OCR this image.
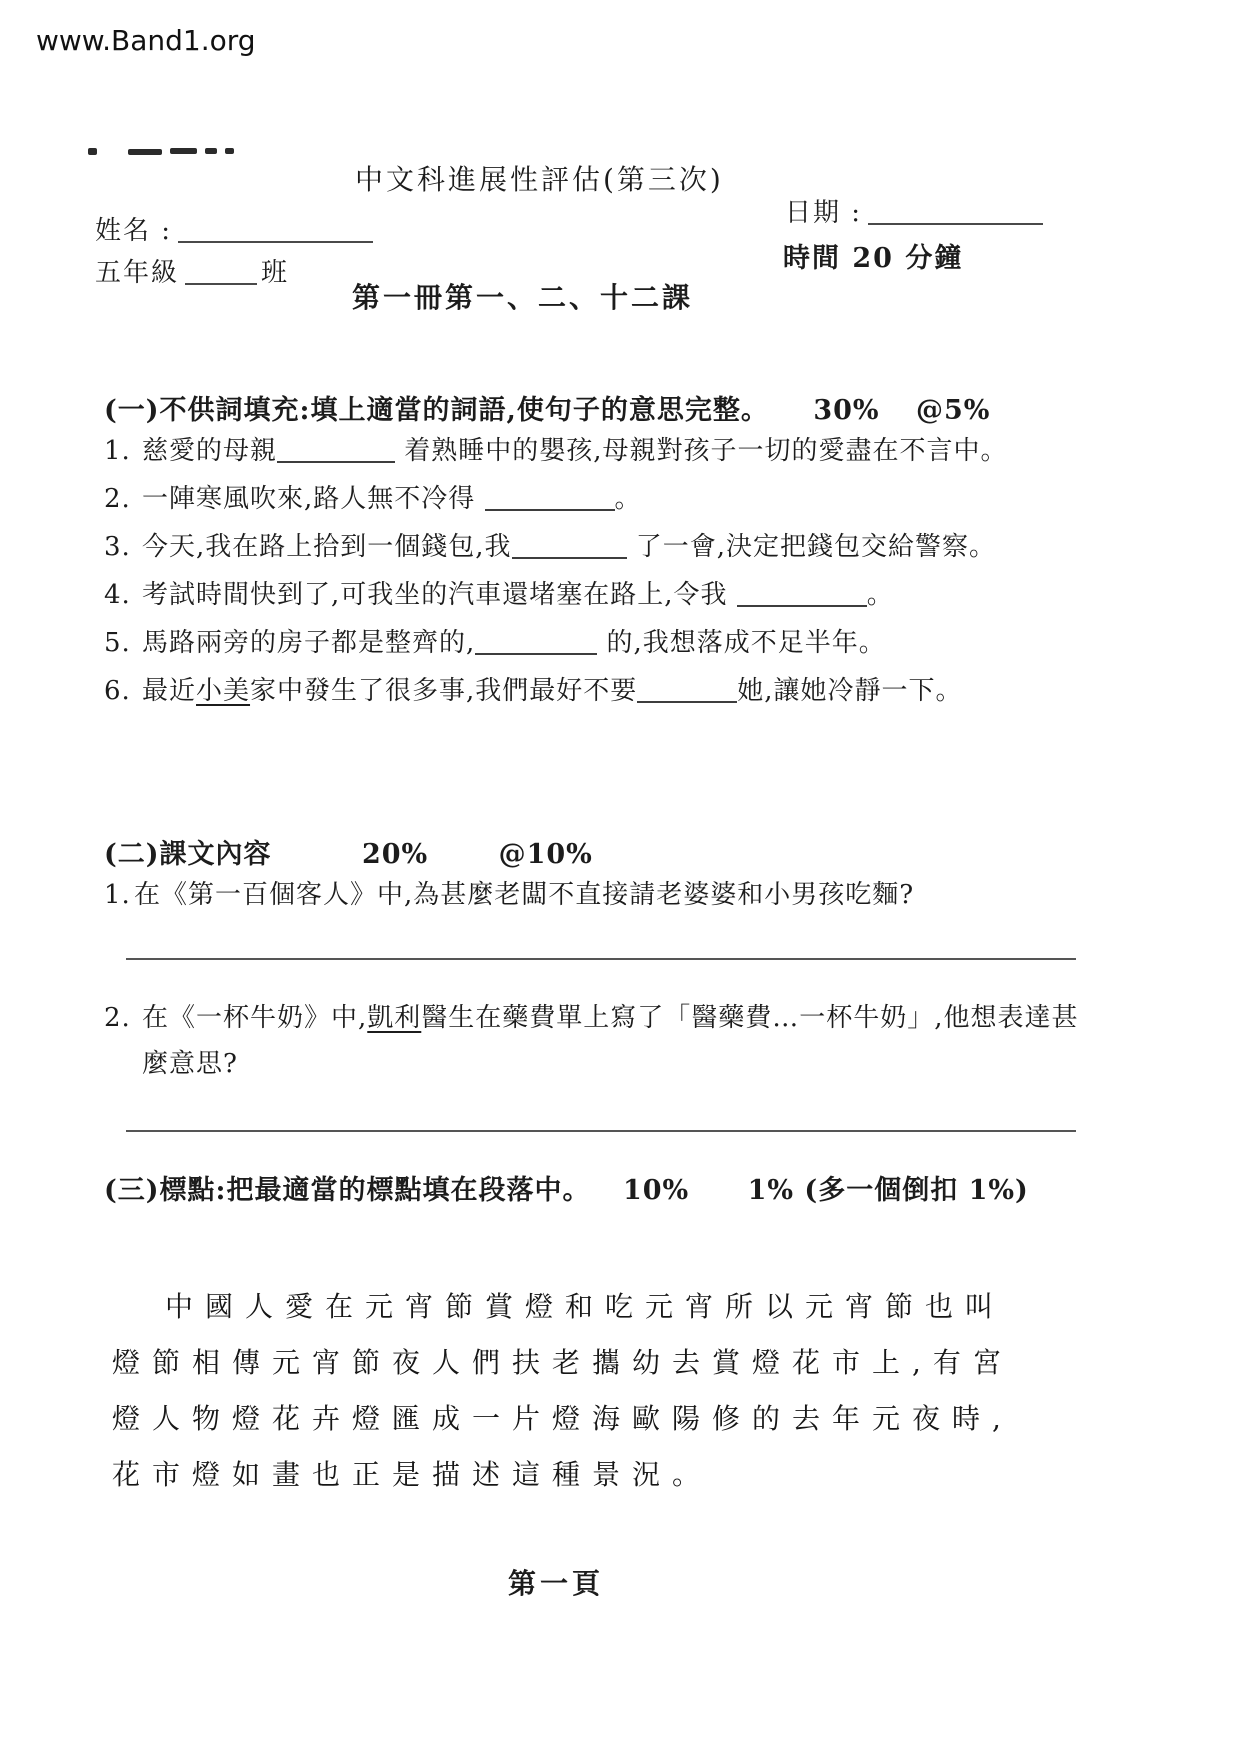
www.Band1.org
中文科進展性評估(第三次)
日期 :
姓名 :
時間 20 分鐘
五年級	班
第一冊第一、二、十二課
(一)不供詞填充:填上適當的詞語,使句子的意思完整。 30% @5%
1. 慈愛的母親	着熟睡中的嬰孩,母親對孩子一切的愛盡在不言中。
2. 一陣寒風吹來,路人無不冷得	。
3. 今天,我在路上拾到一個錢包,我	了一會,決定把錢包交給警察。
4. 考試時間快到了,可我坐的汽車還堵塞在路上,令我	。
5. 馬路兩旁的房子都是整齊的,	的,我想落成不足半年。
6. 最近小美家中發生了很多事,我們最好不要	她,讓她冷靜一下。
(二)課文內容	20%	@10%
1. 在《第一百個客人》中,為甚麼老闆不直接請老婆婆和小男孩吃麵?
2. 在《一杯牛奶》中,凱利醫生在藥費單上寫了「醫藥費…一杯牛奶」,他想表達甚麼意思?
(三)標點:把最適當的標點填在段落中。 10% 1% (多一個倒扣 1%)
中國人愛在元宵節賞燈和吃元宵所以元宵節也叫
燈節相傳元宵節夜人們扶老攜幼去賞燈花市上,有宮
燈人物燈花卉燈匯成一片燈海歐陽修的去年元夜時,
花市燈如畫也正是描述這種景況。
第一頁
